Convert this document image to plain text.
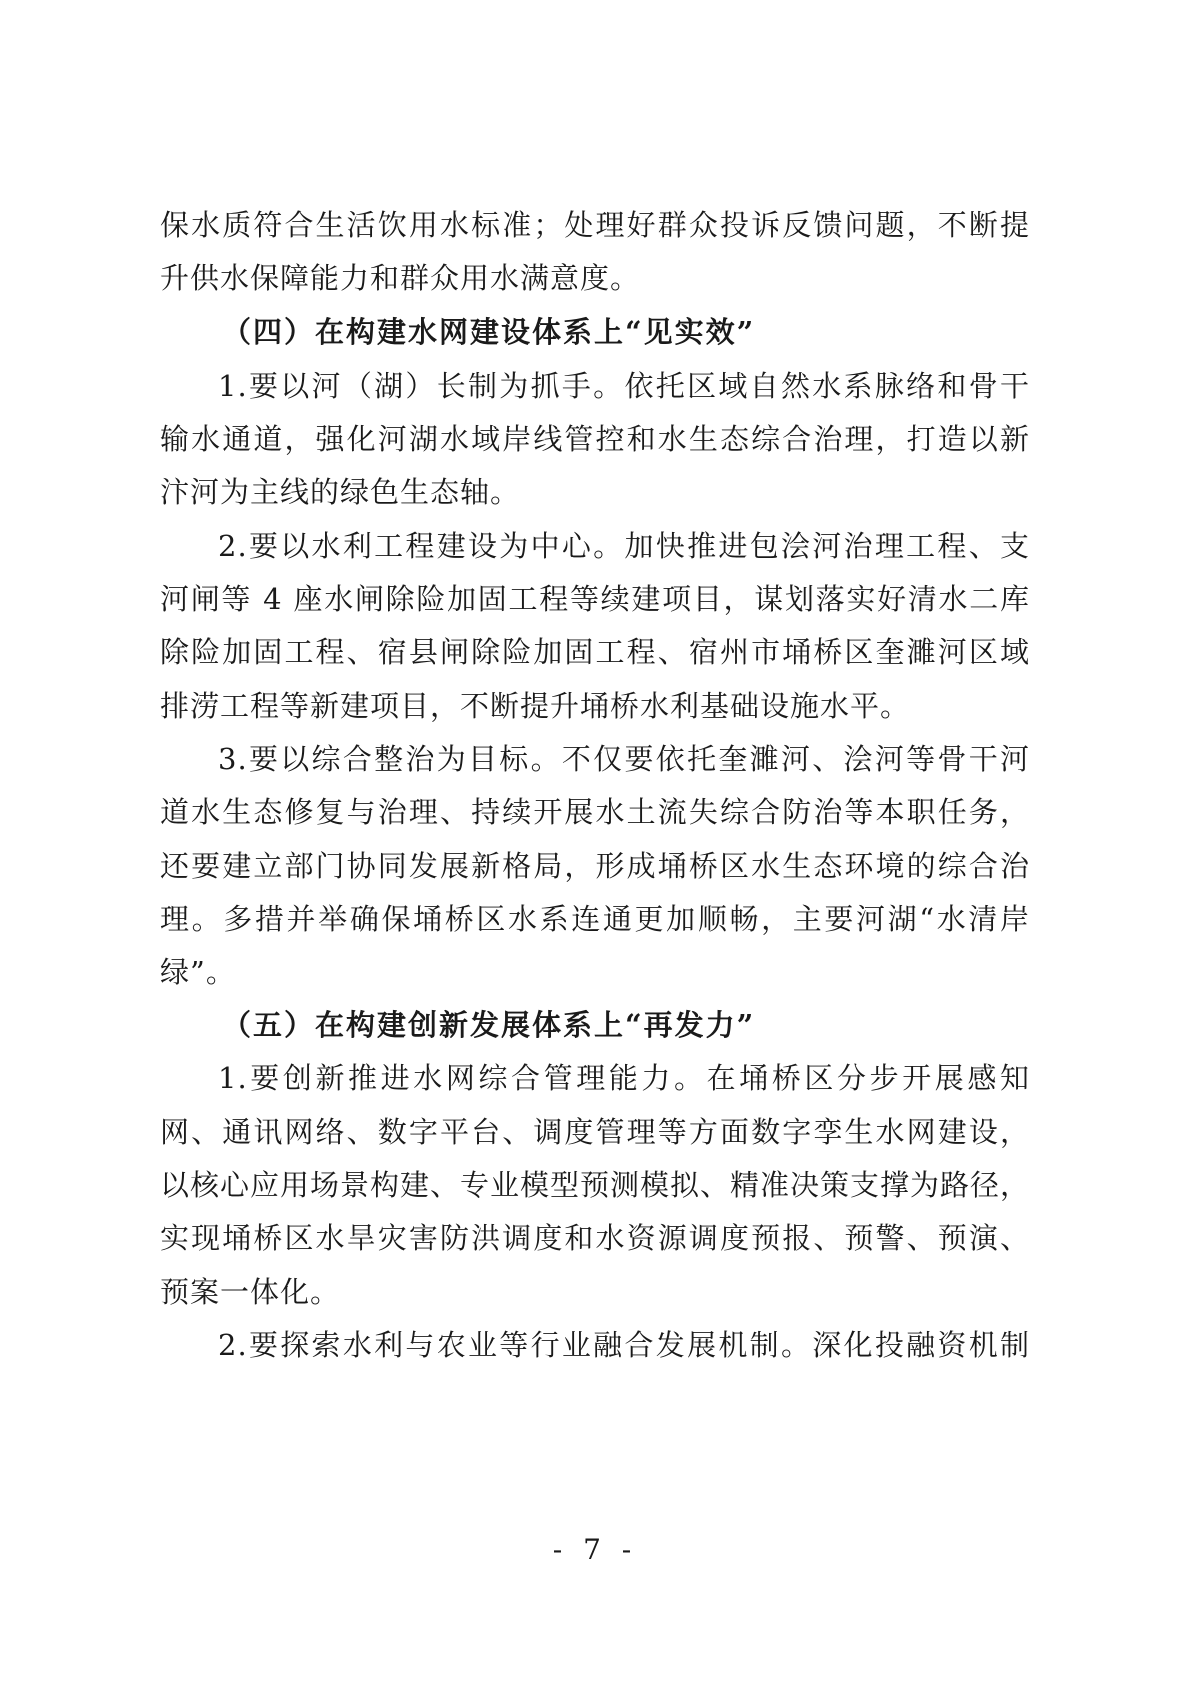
保水质符合生活饮用水标准；处理好群众投诉反馈问题，不断提
升供水保障能力和群众用水满意度。
（四）在构建水网建设体系上“见实效”
1.要以河（湖）长制为抓手。依托区域自然水系脉络和骨干
输水通道，强化河湖水域岸线管控和水生态综合治理，打造以新
汴河为主线的绿色生态轴。
2.要以水利工程建设为中心。加快推进包浍河治理工程、支
河闸等 4 座水闸除险加固工程等续建项目，谋划落实好清水二库
除险加固工程、宿县闸除险加固工程、宿州市埇桥区奎濉河区域
排涝工程等新建项目，不断提升埇桥水利基础设施水平。
3.要以综合整治为目标。不仅要依托奎濉河、浍河等骨干河
道水生态修复与治理、持续开展水土流失综合防治等本职任务，
还要建立部门协同发展新格局，形成埇桥区水生态环境的综合治
理。多措并举确保埇桥区水系连通更加顺畅，主要河湖“水清岸
绿”。
（五）在构建创新发展体系上“再发力”
1.要创新推进水网综合管理能力。在埇桥区分步开展感知
网、通讯网络、数字平台、调度管理等方面数字孪生水网建设，
以核心应用场景构建、专业模型预测模拟、精准决策支撑为路径，
实现埇桥区水旱灾害防洪调度和水资源调度预报、预警、预演、
预案一体化。
2.要探索水利与农业等行业融合发展机制。深化投融资机制
- 7 -
